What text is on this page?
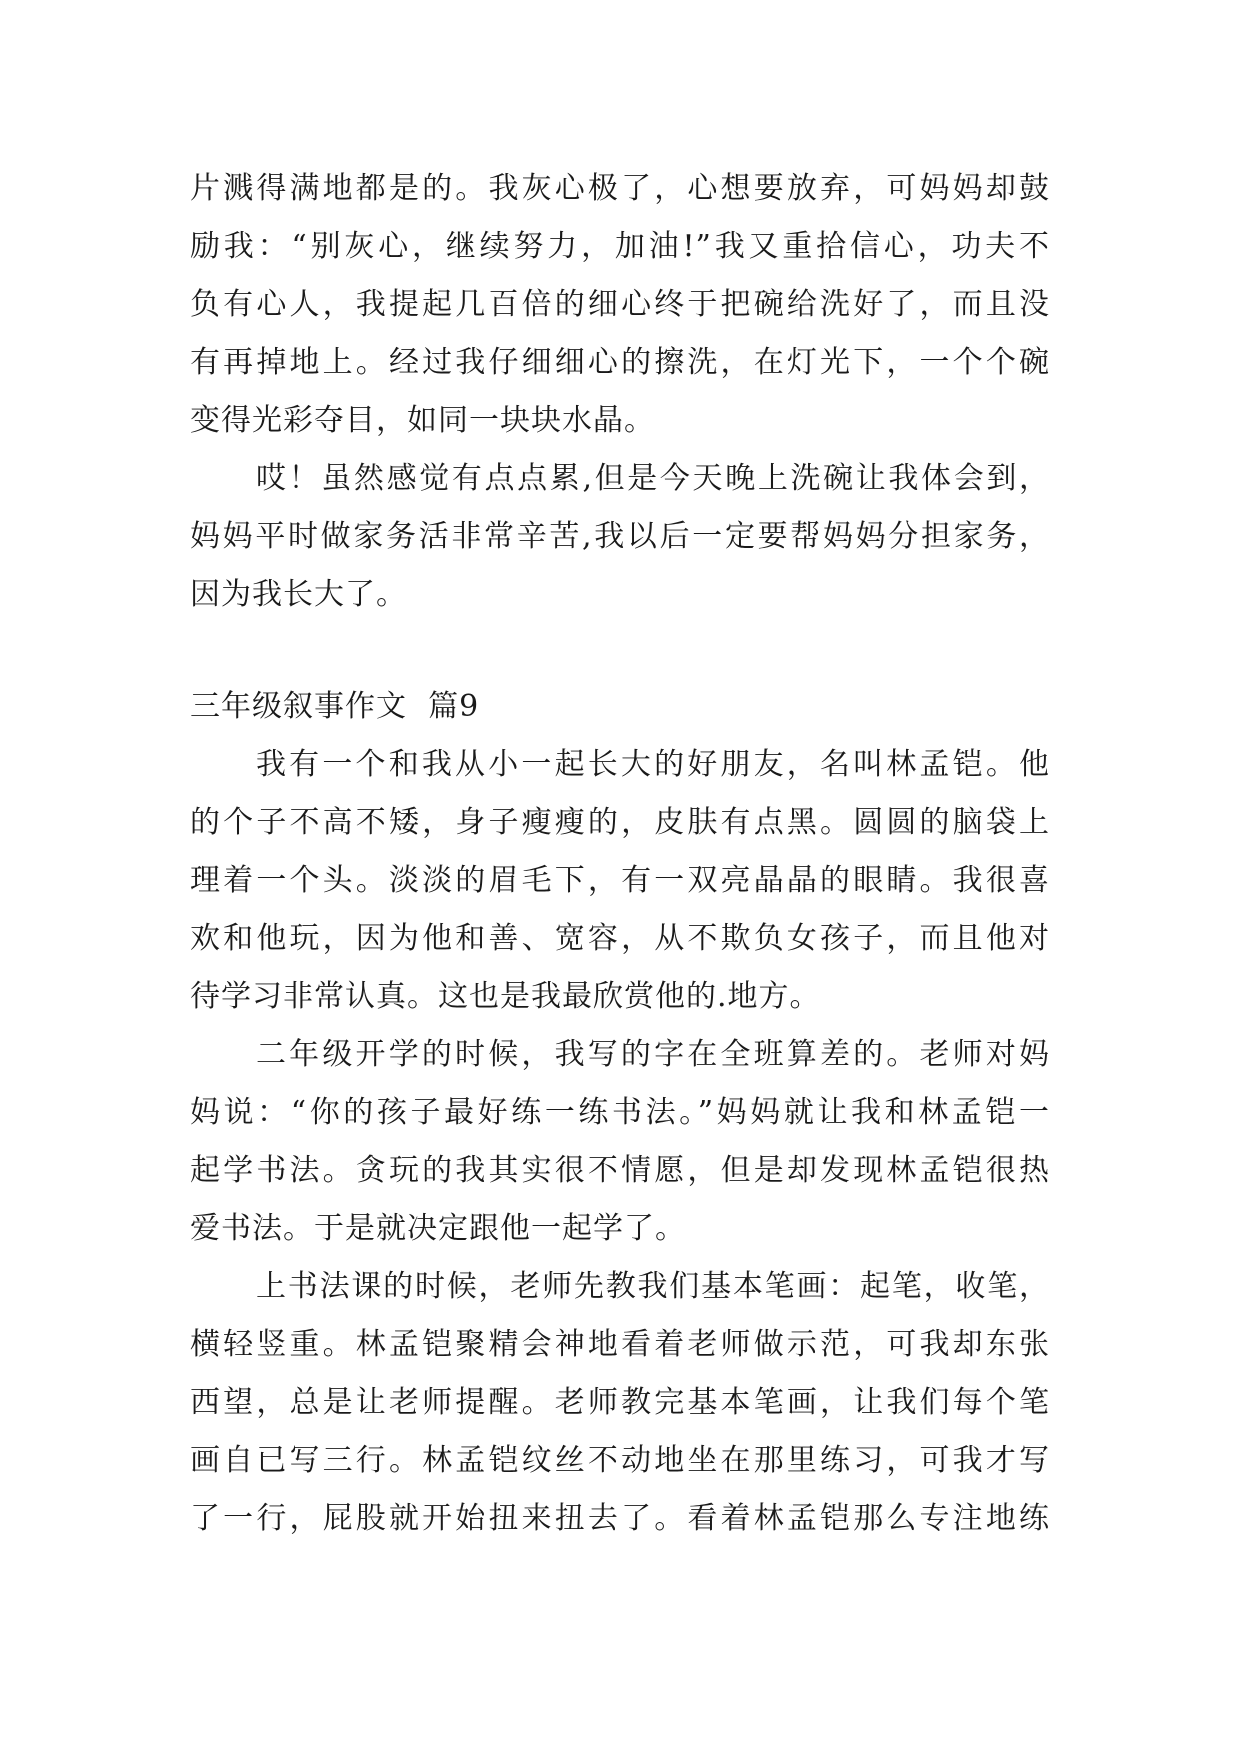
片溅得满地都是的。我灰心极了，心想要放弃，可妈妈却鼓
励我：“别灰心，继续努力，加油!”我又重拾信心，功夫不
负有心人，我提起几百倍的细心终于把碗给洗好了，而且没
有再掉地上。经过我仔细细心的擦洗，在灯光下，一个个碗
变得光彩夺目，如同一块块水晶。
哎！虽然感觉有点点累,但是今天晚上洗碗让我体会到，
妈妈平时做家务活非常辛苦,我以后一定要帮妈妈分担家务，
因为我长大了。
三年级叙事作文  篇9
我有一个和我从小一起长大的好朋友，名叫林孟铠。他
的个子不高不矮，身子瘦瘦的，皮肤有点黑。圆圆的脑袋上
理着一个头。淡淡的眉毛下，有一双亮晶晶的眼睛。我很喜
欢和他玩，因为他和善、宽容，从不欺负女孩子，而且他对
待学习非常认真。这也是我最欣赏他的.地方。
二年级开学的时候，我写的字在全班算差的。老师对妈
妈说：“你的孩子最好练一练书法。”妈妈就让我和林孟铠一
起学书法。贪玩的我其实很不情愿，但是却发现林孟铠很热
爱书法。于是就决定跟他一起学了。
上书法课的时候，老师先教我们基本笔画：起笔，收笔，
横轻竖重。林孟铠聚精会神地看着老师做示范，可我却东张
西望，总是让老师提醒。老师教完基本笔画，让我们每个笔
画自已写三行。林孟铠纹丝不动地坐在那里练习，可我才写
了一行，屁股就开始扭来扭去了。看着林孟铠那么专注地练
